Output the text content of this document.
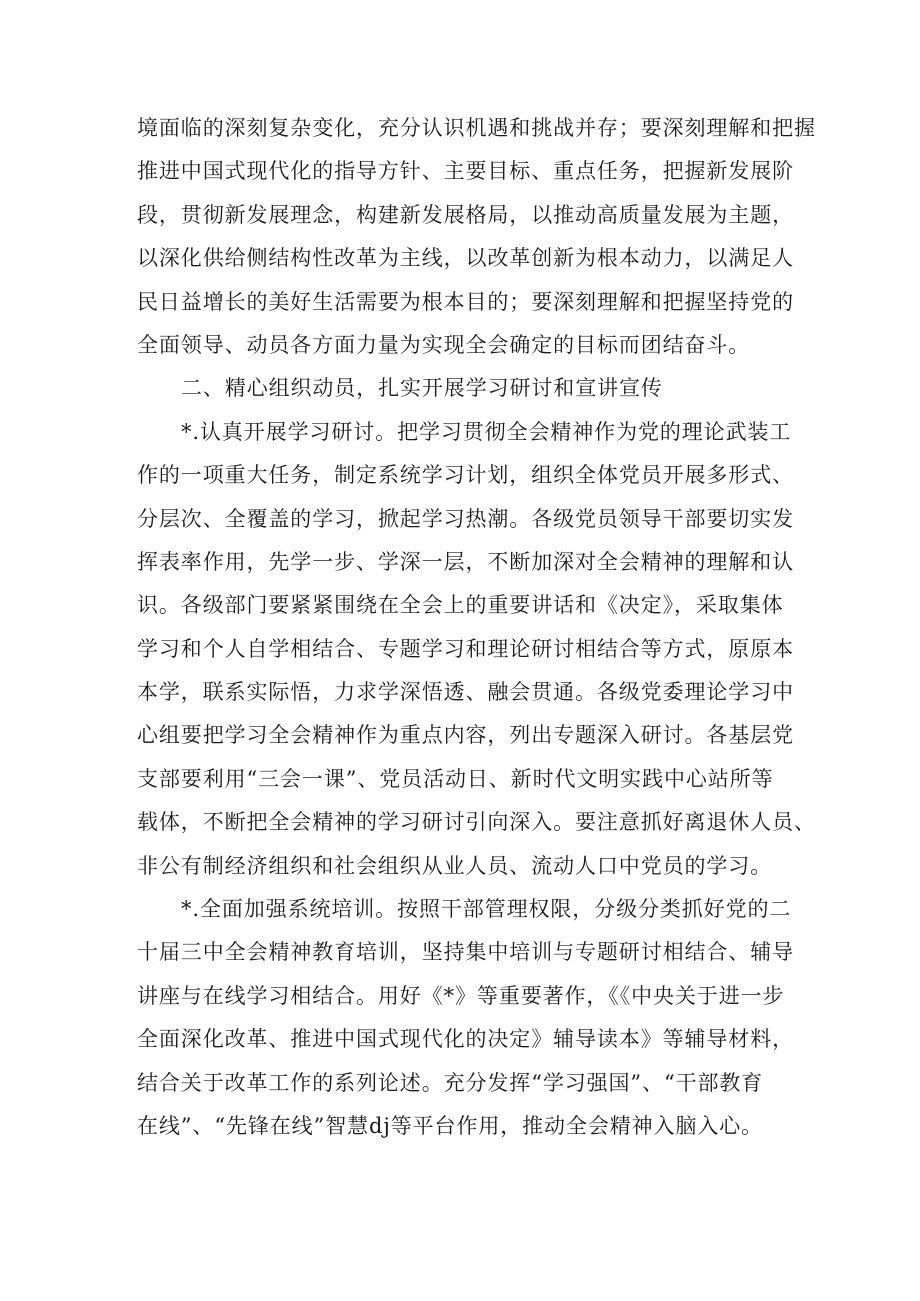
境面临的深刻复杂变化，充分认识机遇和挑战并存；要深刻理解和把握
推进中国式现代化的指导方针、主要目标、重点任务，把握新发展阶
段，贯彻新发展理念，构建新发展格局，以推动高质量发展为主题，
以深化供给侧结构性改革为主线，以改革创新为根本动力，以满足人
民日益增长的美好生活需要为根本目的；要深刻理解和把握坚持党的
全面领导、动员各方面力量为实现全会确定的目标而团结奋斗。
二、精心组织动员，扎实开展学习研讨和宣讲宣传
*.认真开展学习研讨。把学习贯彻全会精神作为党的理论武装工
作的一项重大任务，制定系统学习计划，组织全体党员开展多形式、
分层次、全覆盖的学习，掀起学习热潮。各级党员领导干部要切实发
挥表率作用，先学一步、学深一层，不断加深对全会精神的理解和认
识。各级部门要紧紧围绕在全会上的重要讲话和《决定》，采取集体
学习和个人自学相结合、专题学习和理论研讨相结合等方式，原原本
本学，联系实际悟，力求学深悟透、融会贯通。各级党委理论学习中
心组要把学习全会精神作为重点内容，列出专题深入研讨。各基层党
支部要利用“三会一课”、党员活动日、新时代文明实践中心站所等
载体，不断把全会精神的学习研讨引向深入。要注意抓好离退休人员、
非公有制经济组织和社会组织从业人员、流动人口中党员的学习。
*.全面加强系统培训。按照干部管理权限，分级分类抓好党的二
十届三中全会精神教育培训，坚持集中培训与专题研讨相结合、辅导
讲座与在线学习相结合。用好《*》等重要著作，《《中央关于进一步
全面深化改革、推进中国式现代化的决定》辅导读本》等辅导材料，
结合关于改革工作的系列论述。充分发挥“学习强国”、“干部教育
在线”、“先锋在线”智慧dj等平台作用，推动全会精神入脑入心。
